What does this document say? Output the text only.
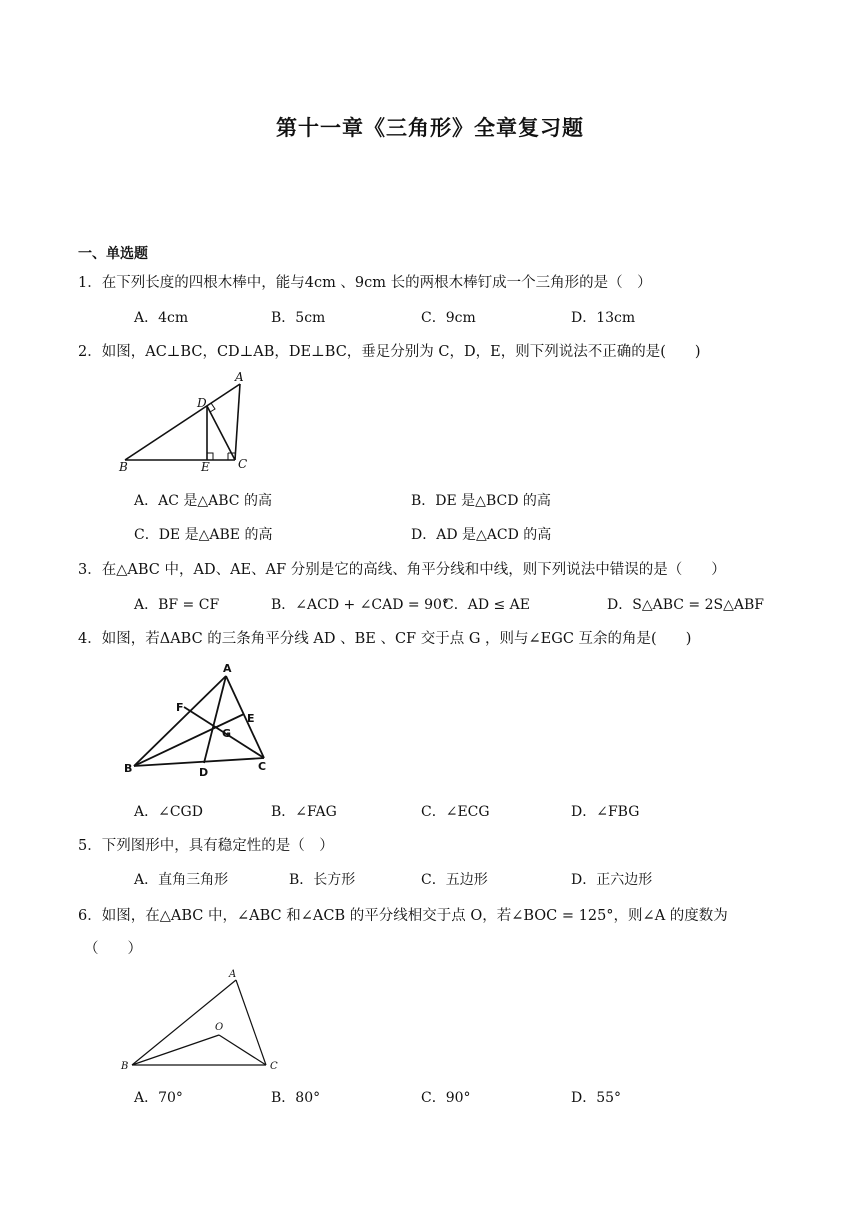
第十一章《三角形》全章复习题
一、单选题
1．在下列长度的四根木棒中，能与4cm 、9cm 长的两根木棒钉成一个三角形的是（　）
A．4cm	B．5cm	C．9cm	D．13cm
2．如图，AC⊥BC，CD⊥AB，DE⊥BC，垂足分别为 C，D，E，则下列说法不正确的是(　　)
A
D
B	E C
A．AC 是△ABC 的高	B．DE 是△BCD 的高
C．DE 是△ABE 的高	D．AD 是△ACD 的高
3．在△ABC 中，AD、AE、AF 分别是它的高线、角平分线和中线，则下列说法中错误的是（　　）
A．BF = CF	B．∠ACD + ∠CAD = 90°
C．AD ≤ AE	D．S△ABC = 2S△ABF
4．如图，若ΔABC 的三条角平分线 AD 、BE 、CF 交于点 G ，则与∠EGC 互余的角是(　　)
A
F
E
G
B	D	C
A．∠CGD	B．∠FAG	C．∠ECG	D．∠FBG
5．下列图形中，具有稳定性的是（　）
A．直角三角形	B．长方形	C．五边形	D．正六边形
6．如图，在△ABC 中，∠ABC 和∠ACB 的平分线相交于点 O，若∠BOC = 125°，则∠A 的度数为
（　　）
A
O
B	C
A．70°	B．80°	C．90°	D．55°
